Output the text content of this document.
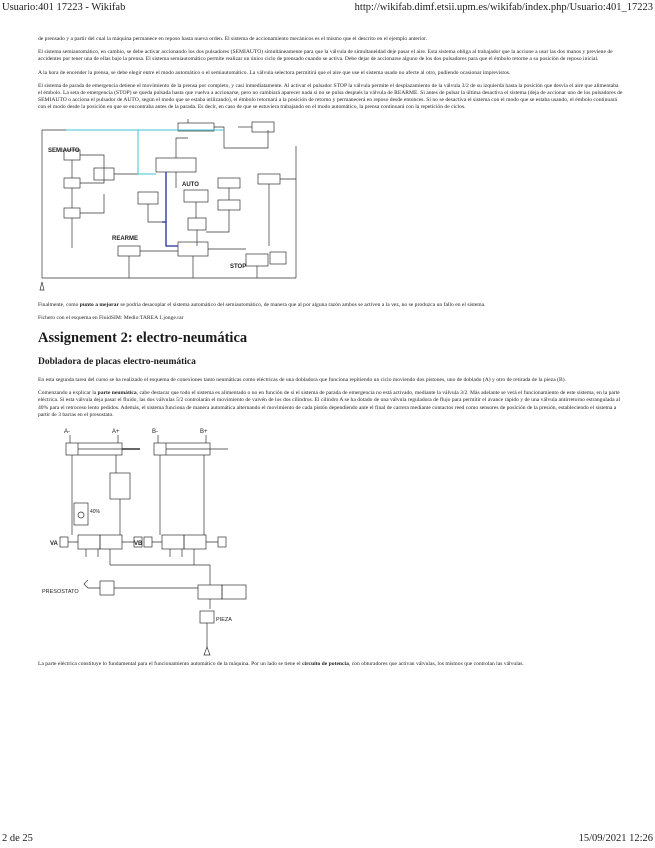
Usuario:401 17223 - Wikifab	http://wikifab.dimf.etsii.upm.es/wikifab/index.php/Usuario:401_17223

de prensado y a partir del cual la máquina permanece en reposo hasta nueva orden. El sistema de accionamiento mecánicos es el mismo que el descrito en el ejemplo anterior.

El sistema semiautomático, en cambio, se debe activar accionando los dos pulsadores (SEMIAUTO) simultáneamente para que la válvula de simultaneidad deje pasar el aire. Esta sistema obliga al trabajador que la accione a usar las dos manos y previene de accidentes por tener una de ellas bajo la prensa. El sistema semiautomático permite realizar un único ciclo de prensado cuando se activa. Debe dejar de accionarse alguno de los dos pulsadores para que el émbolo retorne a su posición de reposo inicial.

A la hora de encender la prensa, se debe elegir entre el modo automático o el semiautomático. La válvula selectora permitirá que el aire que use el sistema usado no afecte al otro, pudiendo ocasionar imprevistos.

El sistema de parada de emergencia detiene el movimiento de la prensa por completo, y casi inmediatamente. Al activar el pulsador STOP la válvula permite el desplazamiento de la válvula 3/2 de su izquierda hasta la posición que desvía el aire que alimentaba el émbolo. La seta de emergencia (STOP) se queda pulsada hasta que vuelva a accionarse, pero no cambiará aparecer nada si no se pulsa después la válvula de REARME. Si antes de pulsar la última desactiva el sistema (deja de accionar uno de los pulsadores de SEMIAUTO o acciona el pulsador de AUTO, según el modo que se estaba utilizando), el émbolo retornará a la posición de retorno y permanecerá en reposo desde entonces. Si no se desactiva el sistema con el modo que se estaba usando, el émbolo continuará con el modo desde la posición en que se encontraba antes de la parada. Es decir, en caso de que se estuviera trabajando en el modo automático, la prensa continuará con la repetición de ciclos.

SEMIAUTO
AUTO
REARME
STOP

Finalmente, como punto a mejorar se podría desacoplar el sistema automático del semiautomático, de manera que al por alguna razón ambos se activen a la vez, no se produzca un fallo en el sistema.

Fichero con el esquema en FluidSIM: Medio:TAREA 1.jonge.rar

Assignement 2: electro-neumática
Dobladora de placas electro-neumática

En esta segunda tarea del curso se ha realizado el esquema de conexiones tanto neumáticas como eléctricas de una dobladora que funciona repitiendo un ciclo moviendo dos pistones, uno de doblado (A) y otro de retirada de la pieza (B).

Comenzando a explicar la parte neumática, cabe destacar que todo el sistema es alimentado o no en función de si el sistema de parada de emergencia no está activado, mediante la válvula 3/2. Más adelante se verá el funcionamiento de este sistema, en la parte eléctrica. Si esta válvula deja pasar el fluido, las dos válvulas 5/2 controlarán el movimiento de vaivén de los dos cilindros. El cilindro A se ha dotado de una válvula reguladora de flujo para permitir el avance rápido y de una válvula antirretorno estrangulada al 40% para el retroceso lento pedidos. Además, el sistema funciona de manera automática alternando el movimiento de cada pistón dependiendo ante el final de carrera mediante contactos reed como sensores de posición de la presión, estableciendo el sistema a partir de 3 barras en el presostato.

A-	A+	B-	B+
VA	VB
40%
PRESOSTATO
PIEZA

La parte eléctrica constituye lo fundamental para el funcionamiento automático de la máquina. Por un lado se tiene el circuito de potencia, con obturadores que activan válvulas, los mismos que controlan las válvulas.

2 de 25	15/09/2021 12:26
